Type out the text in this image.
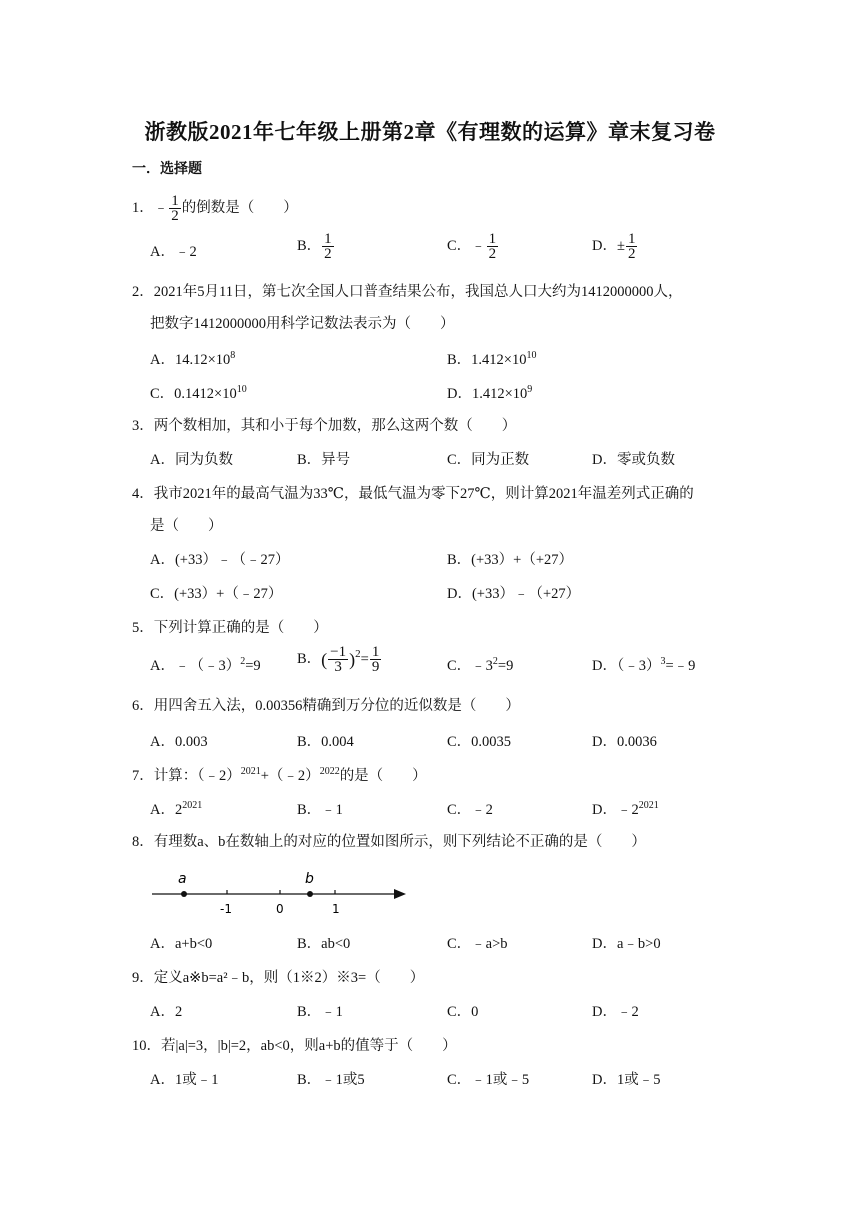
浙教版2021年七年级上册第2章《有理数的运算》章末复习卷
一．选择题
1．﹣ $\frac{1}{2}$ 的倒数是（　　）
A．﹣2	B． $\frac{1}{2}$	C．﹣ $\frac{1}{2}$	D．± $\frac{1}{2}$
2．2021年5月11日，第七次全国人口普查结果公布，我国总人口大约为1412000000人，
把数字1412000000用科学记数法表示为（　　）
A．$14.12\times 10^8$	B．$1.412\times 10^{10}$
C．$0.1412\times 10^{10}$	D．$1.412\times 10^9$
3．两个数相加，其和小于每个加数，那么这两个数（　　）
A．同为负数	B．异号	C．同为正数	D．零或负数
4．我市2021年的最高气温为33℃，最低气温为零下27℃，则计算2021年温差列式正确的
是（　　）
A．(+33）﹣（﹣27）	B．(+33）+（+27）
C．(+33）+（﹣27）	D．(+33）﹣（+27）
5．下列计算正确的是（　　）
A．﹣（﹣3）$^2$=9	B．( $\frac{-1}{3} )^2= \frac{1}{9}$	C．$﹣3^2=9$	D．（﹣3）$^3$=﹣9
6．用四舍五入法，0.00356精确到万分位的近似数是（　　）
A．0.003	B．0.004	C．0.0035	D．0.0036
7．计算：（﹣2）$^{2021}$+（﹣2）$^{2022}$的是（　　）
A．$2^{2021}$	B．﹣1	C．﹣2	D．$﹣2^{2021}$
8．有理数a、b在数轴上的对应的位置如图所示，则下列结论不正确的是（　　）
a	b
-1	0	1
A．a+b<0	B．ab<0	C．﹣a>b	D．a﹣b>0
9．定义a※b=a²﹣b，则（1※2）※3=（　　）
A．2	B．﹣1	C．0	D．﹣2
10．若|a|=3，|b|=2，ab<0，则a+b的值等于（　　）
A．1或﹣1	B．﹣1或5	C．﹣1或﹣5	D．1或﹣5
